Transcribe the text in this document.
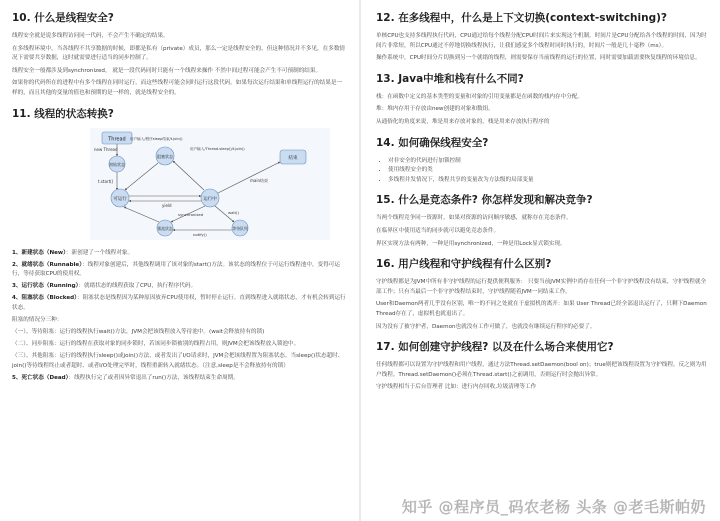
10. 什么是线程安全?

线程安全就是说多线程访问同一代码，不会产生不确定的结果。

在多线程环境中，当各线程不共享数据的时候，即都是私有（private）成员，那么一定是线程安全的。但这种情况并不多见，在多数情况下需要共享数据，这时就需要进行适当的同步控制了。

线程安全一般都涉及到synchronized， 就是一段代码同时只能有一个线程来操作 不然中间过程可能会产生不可预制的结果。

如果你的代码所在的进程中有多个线程在同时运行，而这些线程可能会同时运行这段代码。如果每次运行结果和单线程运行的结果是一样的，而且其他的变量的值也和预期的是一样的，就是线程安全的。

11. 线程的状态转换?
Thread
new Thread
初始状态
t.start()
可运行	运行中
yield
阻塞状态
用户输入/程序sleep结束/t.join()
用户输入/Thread.sleep()/t.join()
结束
main结束
锁池状态	等待队列
synchronized	wait()
notify()

1、新建状态（New）：新创建了一个线程对象。

2、就绪状态（Runnable）：线程对象创建后，其他线程调用了该对象的start()方法。该状态的线程位于可运行线程池中，变得可运行，等待获取CPU的使用权。

3、运行状态（Running）：就绪状态的线程获取了CPU，执行程序代码。

4、阻塞状态（Blocked）：阻塞状态是线程因为某种原因放弃CPU使用权，暂时停止运行。直到线程进入就绪状态，才有机会转到运行状态。

阻塞的情况分三种：

（一）、等待阻塞：运行的线程执行wait()方法，JVM会把该线程放入等待池中。(wait会释放持有的锁)

（二）、同步阻塞：运行的线程在获取对象的同步锁时，若该同步锁被别的线程占用，则JVM会把该线程放入锁池中。

（三）、其他阻塞：运行的线程执行sleep()或join()方法，或者发出了I/O请求时，JVM会把该线程置为阻塞状态。当sleep()状态超时、join()等待线程终止或者超时、或者I/O处理完毕时，线程重新转入就绪状态。（注意,sleep是不会释放持有的锁）

5、死亡状态（Dead）：线程执行完了或者因异常退出了run()方法，该线程结束生命周期。

12. 在多线程中，什么是上下文切换(context-switching)?

单核CPU也支持多线程执行代码，CPU通过给每个线程分配CPU时间片来实现这个机制。时间片是CPU分配给各个线程的时间，因为时间片非常短，所以CPU通过不停地切换线程执行，让我们感觉多个线程时同时执行的，时间片一般是几十毫秒（ms）。

操作系统中，CPU时间分片切换到另一个就绪的线程，则需要保存当前线程的运行的位置，同时需要加载需要恢复线程的环境信息。

13. Java中堆和栈有什么不同?

栈：在函数中定义的基本类型的变量和对象的引用变量都是在函数的栈内存中分配。

堆：堆内存用于存放由new创建的对象和数组。

从通俗化的角度来说，堆是用来存放对象的，栈是用来存放执行程序的

14. 如何确保线程安全?
• 对非安全的代码进行加锁控制
• 使用线程安全的类
• 多线程并发情况下，线程共享的变量改为方法级的局部变量
15. 什么是竞态条件? 你怎样发现和解决竞争?

当两个线程竞争同一资源时，如果对资源的访问顺序敏感，就称存在竞态条件。

在临界区中使用适当的同步就可以避免竞态条件。

界区实现方法有两种，一种是用synchronized，一种是用Lock显式锁实现。

16. 用户线程和守护线程有什么区别?

守护线程都是为JVM中所有非守护线程的运行提供便利服务： 只要当前JVM实例中尚存在任何一个非守护线程没有结束，守护线程就全部工作；只有当最后一个非守护线程结束时，守护线程随着JVM一同结束工作。

User和Daemon两者几乎没有区别，唯一的不同之处就在于虚拟机的离开：如果 User Thread已经全部退出运行了，只剩下Daemon Thread存在了，虚拟机也就退出了。

因为没有了被守护者，Daemon也就没有工作可做了，也就没有继续运行程序的必要了。

17. 如何创建守护线程? 以及在什么场合来使用它?

任何线程都可以设置为守护线程和用户线程，通过方法Thread.setDaemon(bool on)；true则把该线程设置为守护线程，反之则为用户线程。Thread.setDaemon()必须在Thread.start()之前调用，否则运行时会抛出异常。

守护线程相当于后台管理者 比如：进行内存回收,垃圾清理等工作

知乎 @程序员_码农老杨 头条 @老毛斯帕奶
